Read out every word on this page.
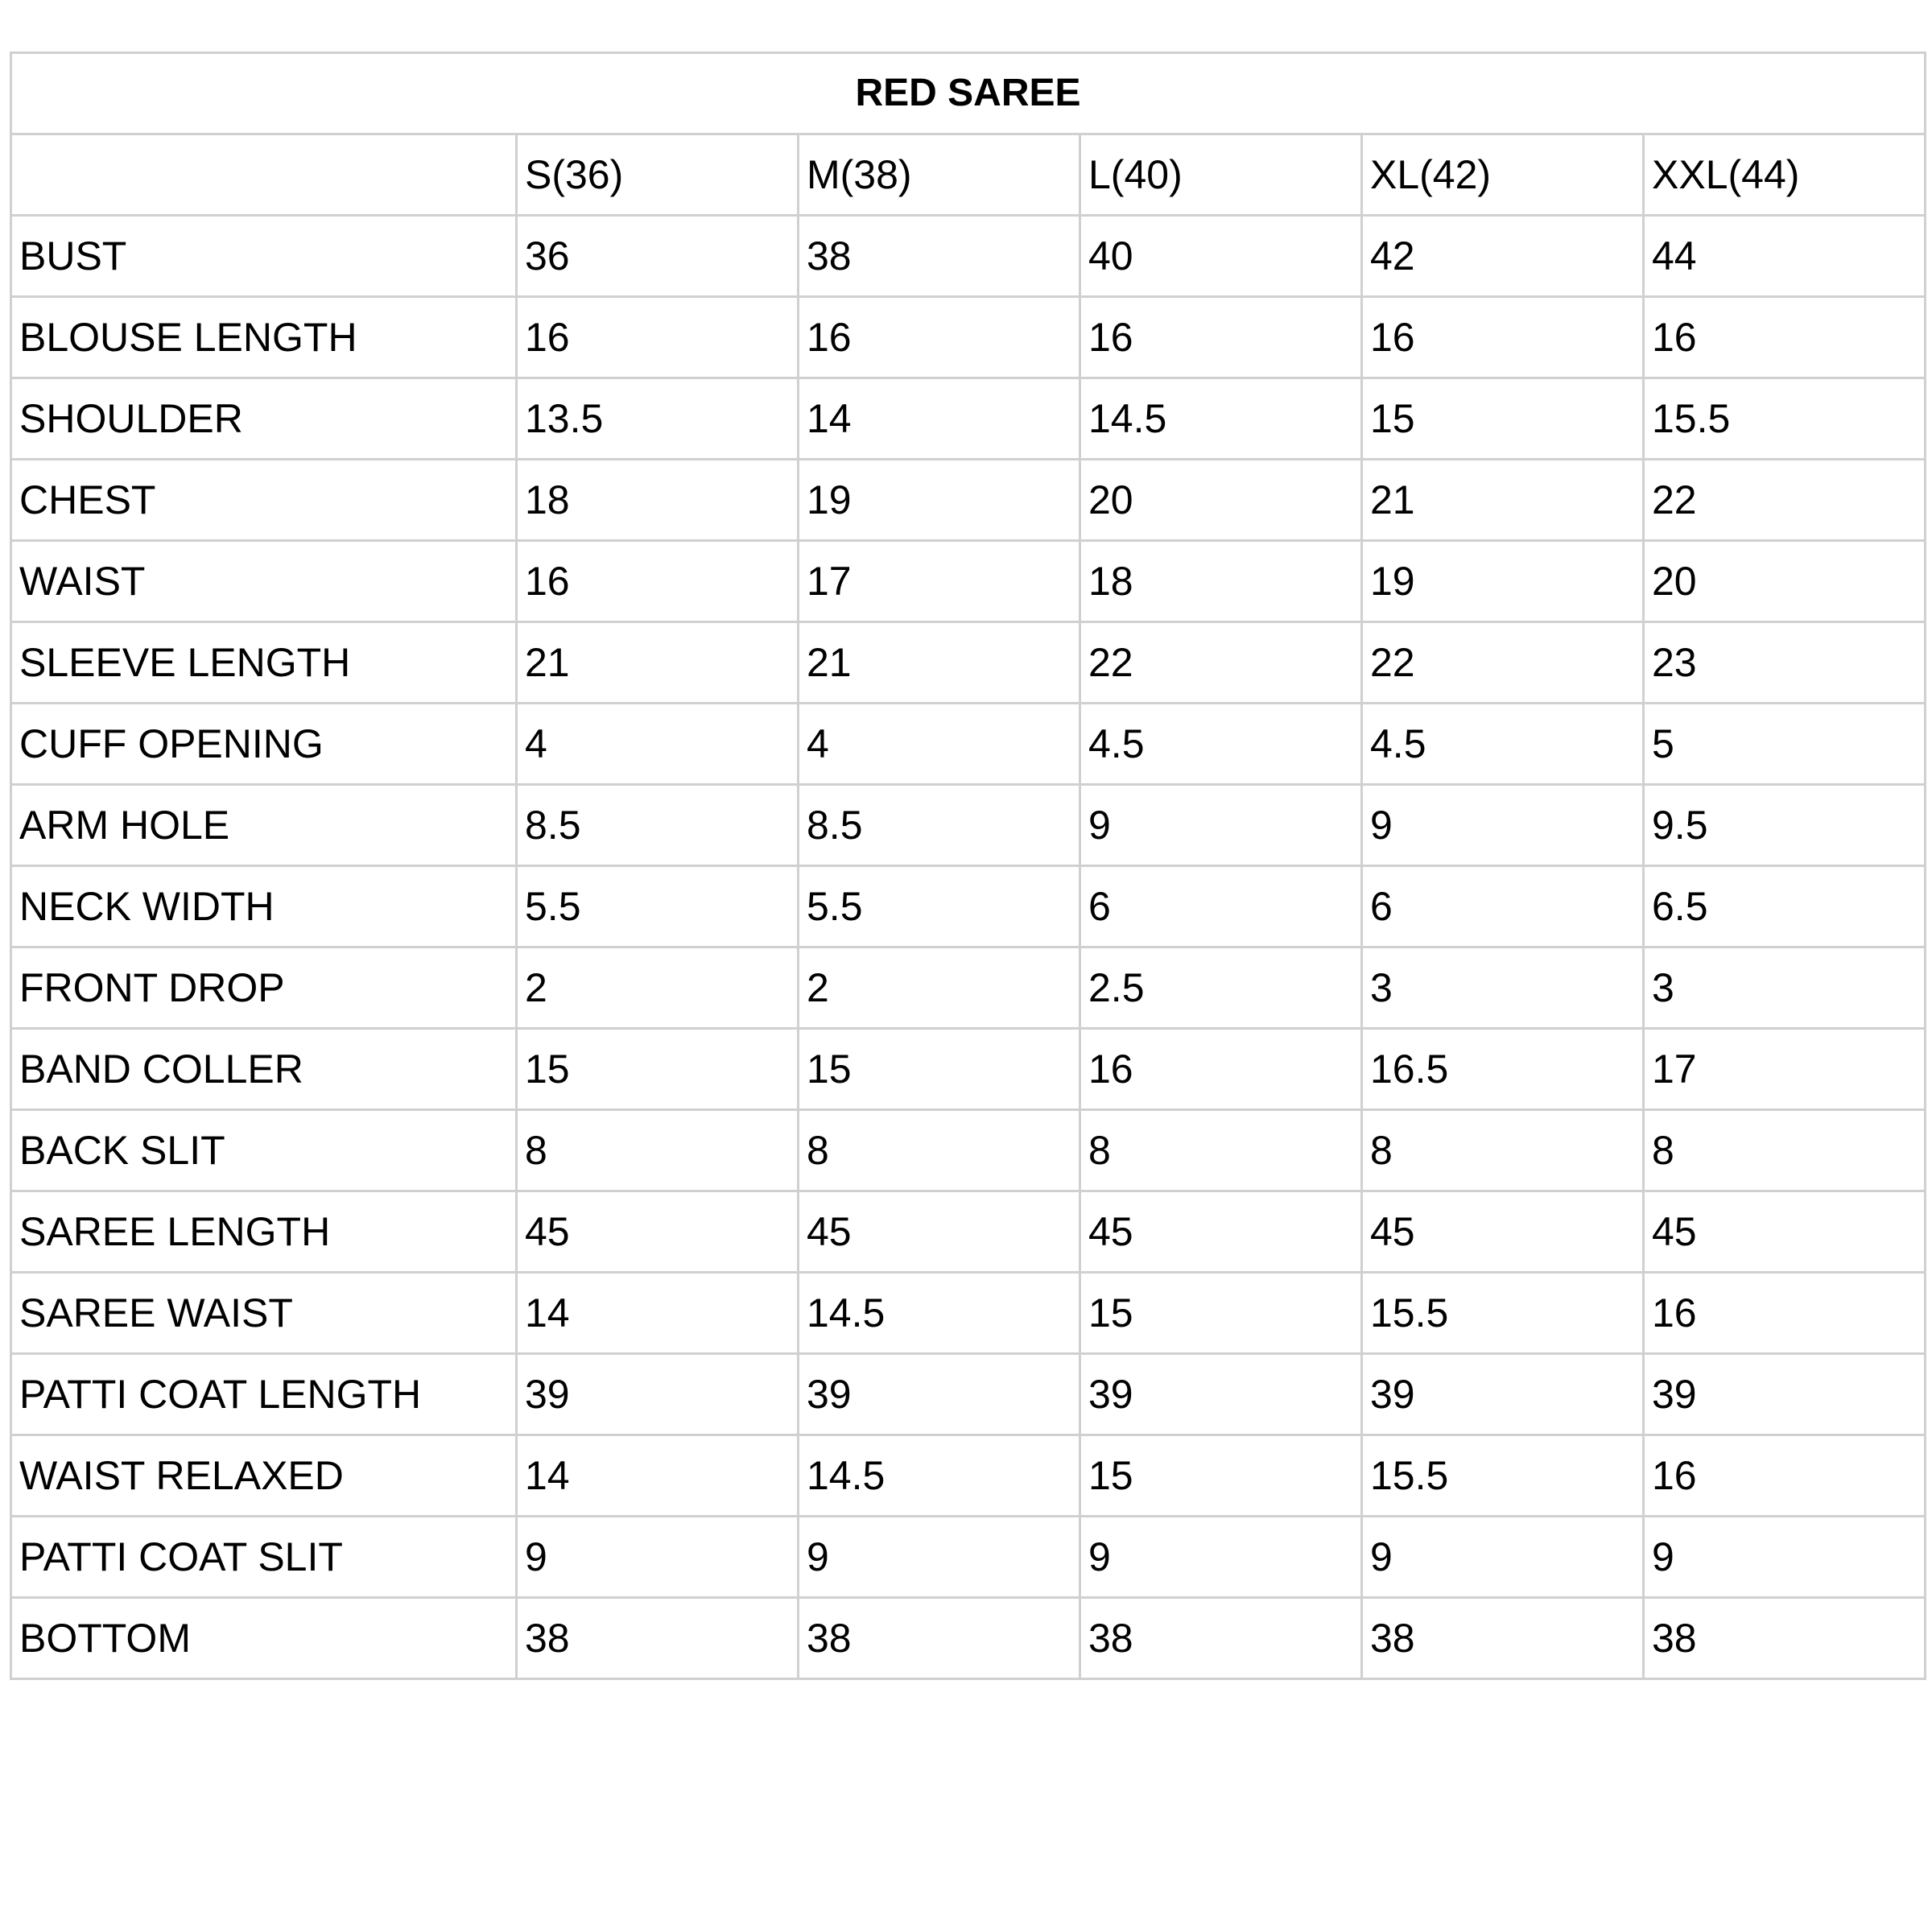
RED SAREE					
	S(36)	M(38)	L(40)	XL(42)	XXL(44)
BUST	36	38	40	42	44
BLOUSE LENGTH	16	16	16	16	16
SHOULDER	13.5	14	14.5	15	15.5
CHEST	18	19	20	21	22
WAIST	16	17	18	19	20
SLEEVE LENGTH	21	21	22	22	23
CUFF OPENING	4	4	4.5	4.5	5
ARM HOLE	8.5	8.5	9	9	9.5
NECK WIDTH	5.5	5.5	6	6	6.5
FRONT DROP	2	2	2.5	3	3
BAND COLLER	15	15	16	16.5	17
BACK SLIT	8	8	8	8	8
SAREE LENGTH	45	45	45	45	45
SAREE WAIST	14	14.5	15	15.5	16
PATTI COAT LENGTH	39	39	39	39	39
WAIST RELAXED	14	14.5	15	15.5	16
PATTI COAT SLIT	9	9	9	9	9
BOTTOM	38	38	38	38	38
